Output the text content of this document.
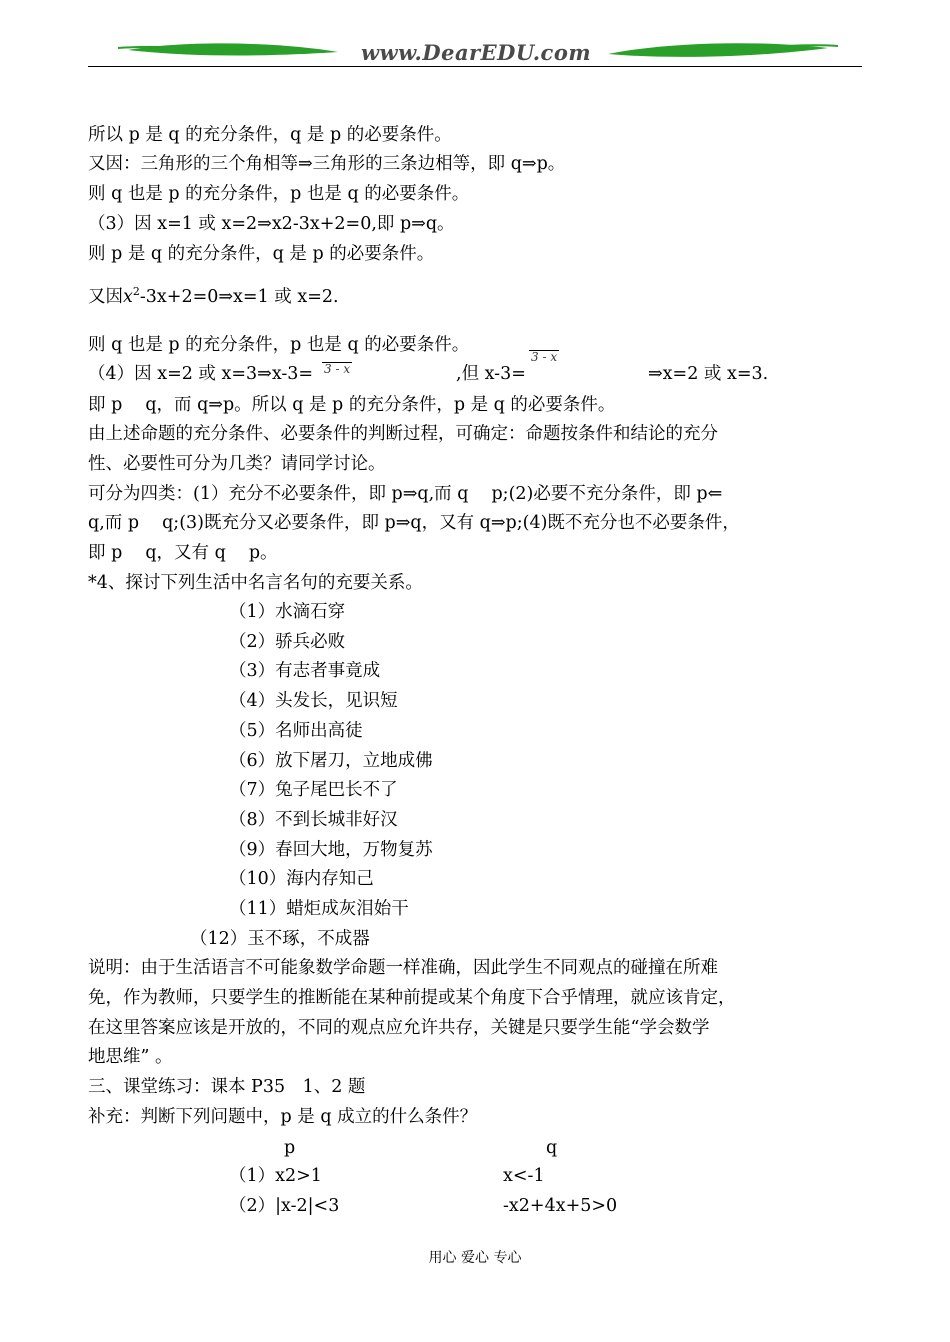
www.DearEDU.com
所以 p 是 q 的充分条件，q 是 p 的必要条件。
又因：三角形的三个角相等⇒三角形的三条边相等，即 q⇒p。
则 q 也是 p 的充分条件，p 也是 q 的必要条件。
（3）因 x=1 或 x=2⇒x2-3x+2=0,即 p⇒q。
则 p 是 q 的充分条件，q 是 p 的必要条件。
又因$x^2-3x+2=0\Rightarrow x=1$ 或 x=2.
则 q 也是 p 的充分条件，p 也是 q 的必要条件。
（4）因 x=2 或 x=3⇒x-3= 3 - x	,但 x-3=
3 - x
⇒x=2 或 x=3.
即 p　 q，而 q⇒p。所以 q 是 p 的充分条件，p 是 q 的必要条件。
由上述命题的充分条件、必要条件的判断过程，可确定：命题按条件和结论的充分
性、必要性可分为几类？请同学讨论。
可分为四类：(1）充分不必要条件，即 p⇒q,而 q　 p;(2)必要不充分条件，即 p⇐
q,而 p　 q;(3)既充分又必要条件，即 p⇒q，又有 q⇒p;(4)既不充分也不必要条件，
即 p　 q，又有 q　 p。
*4、探讨下列生活中名言名句的充要关系。
（1）水滴石穿
（2）骄兵必败
（3）有志者事竟成
（4）头发长，见识短
（5）名师出高徒
（6）放下屠刀，立地成佛
（7）兔子尾巴长不了
（8）不到长城非好汉
（9）春回大地，万物复苏
（10）海内存知己
（11）蜡炬成灰泪始干
（12）玉不琢，不成器
说明：由于生活语言不可能象数学命题一样准确，因此学生不同观点的碰撞在所难
免，作为教师，只要学生的推断能在某种前提或某个角度下合乎情理，就应该肯定，
在这里答案应该是开放的，不同的观点应允许共存，关键是只要学生能“学会数学
地思维” 。
三、课堂练习：课本 P35　1、2 题
补充：判断下列问题中，p 是 q 成立的什么条件？
p	q
（1）x2>1	x<-1
（2）|x-2|<3	-x2+4x+5>0
用心 爱心 专心
